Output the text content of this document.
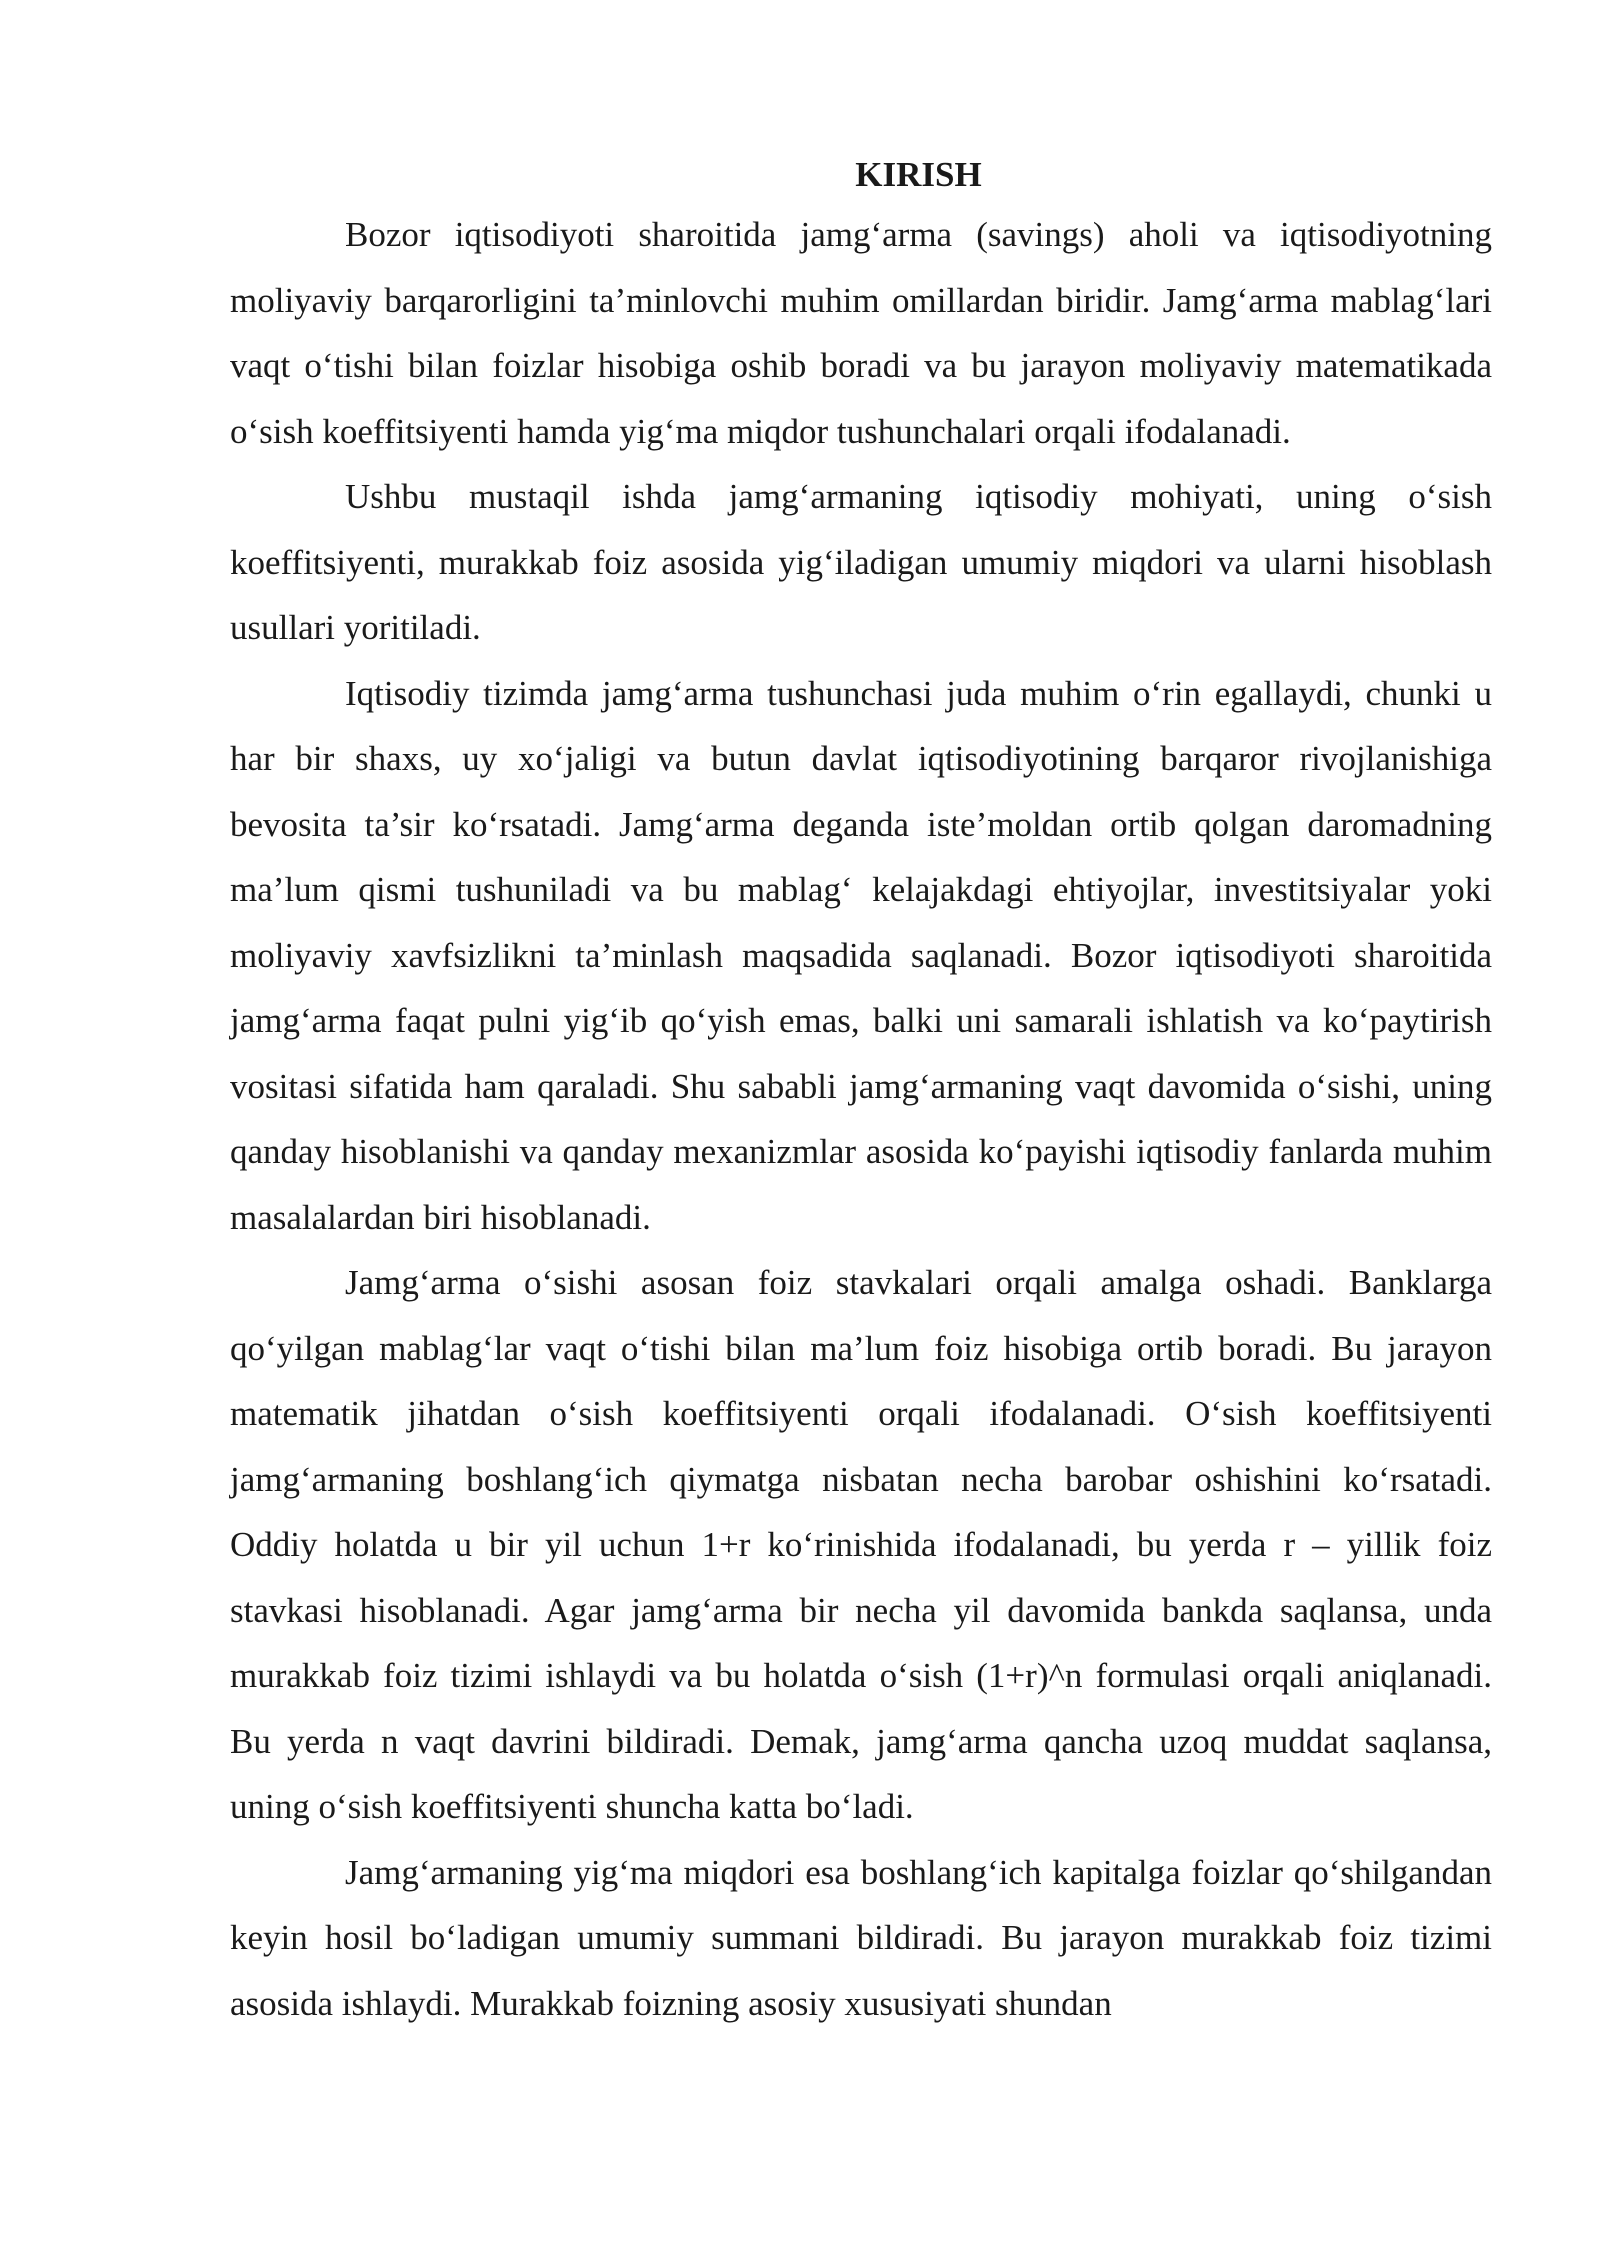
KIRISH

Bozor iqtisodiyoti sharoitida jamg‘arma (savings) aholi va iqtisodiyotning moliyaviy barqarorligini ta’minlovchi muhim omillardan biridir. Jamg‘arma mablag‘lari vaqt o‘tishi bilan foizlar hisobiga oshib boradi va bu jarayon moliyaviy matematikada o‘sish koeffitsiyenti hamda yig‘ma miqdor tushunchalari orqali ifodalanadi.

Ushbu mustaqil ishda jamg‘armaning iqtisodiy mohiyati, uning o‘sish koeffitsiyenti, murakkab foiz asosida yig‘iladigan umumiy miqdori va ularni hisoblash usullari yoritiladi.

Iqtisodiy tizimda jamg‘arma tushunchasi juda muhim o‘rin egallaydi, chunki u har bir shaxs, uy xo‘jaligi va butun davlat iqtisodiyotining barqaror rivojlanishiga bevosita ta’sir ko‘rsatadi. Jamg‘arma deganda iste’moldan ortib qolgan daromadning ma’lum qismi tushuniladi va bu mablag‘ kelajakdagi ehtiyojlar, investitsiyalar yoki moliyaviy xavfsizlikni ta’minlash maqsadida saqlanadi. Bozor iqtisodiyoti sharoitida jamg‘arma faqat pulni yig‘ib qo‘yish emas, balki uni samarali ishlatish va ko‘paytirish vositasi sifatida ham qaraladi. Shu sababli jamg‘armaning vaqt davomida o‘sishi, uning qanday hisoblanishi va qanday mexanizmlar asosida ko‘payishi iqtisodiy fanlarda muhim masalalardan biri hisoblanadi.

Jamg‘arma o‘sishi asosan foiz stavkalari orqali amalga oshadi. Banklarga qo‘yilgan mablag‘lar vaqt o‘tishi bilan ma’lum foiz hisobiga ortib boradi. Bu jarayon matematik jihatdan o‘sish koeffitsiyenti orqali ifodalanadi. O‘sish koeffitsiyenti jamg‘armaning boshlang‘ich qiymatga nisbatan necha barobar oshishini ko‘rsatadi. Oddiy holatda u bir yil uchun 1+r ko‘rinishida ifodalanadi, bu yerda r – yillik foiz stavkasi hisoblanadi. Agar jamg‘arma bir necha yil davomida bankda saqlansa, unda murakkab foiz tizimi ishlaydi va bu holatda o‘sish (1+r)^n formulasi orqali aniqlanadi. Bu yerda n vaqt davrini bildiradi. Demak, jamg‘arma qancha uzoq muddat saqlansa, uning o‘sish koeffitsiyenti shuncha katta bo‘ladi.

Jamg‘armaning yig‘ma miqdori esa boshlang‘ich kapitalga foizlar qo‘shilgandan keyin hosil bo‘ladigan umumiy summani bildiradi. Bu jarayon murakkab foiz tizimi asosida ishlaydi. Murakkab foizning asosiy xususiyati shundan
